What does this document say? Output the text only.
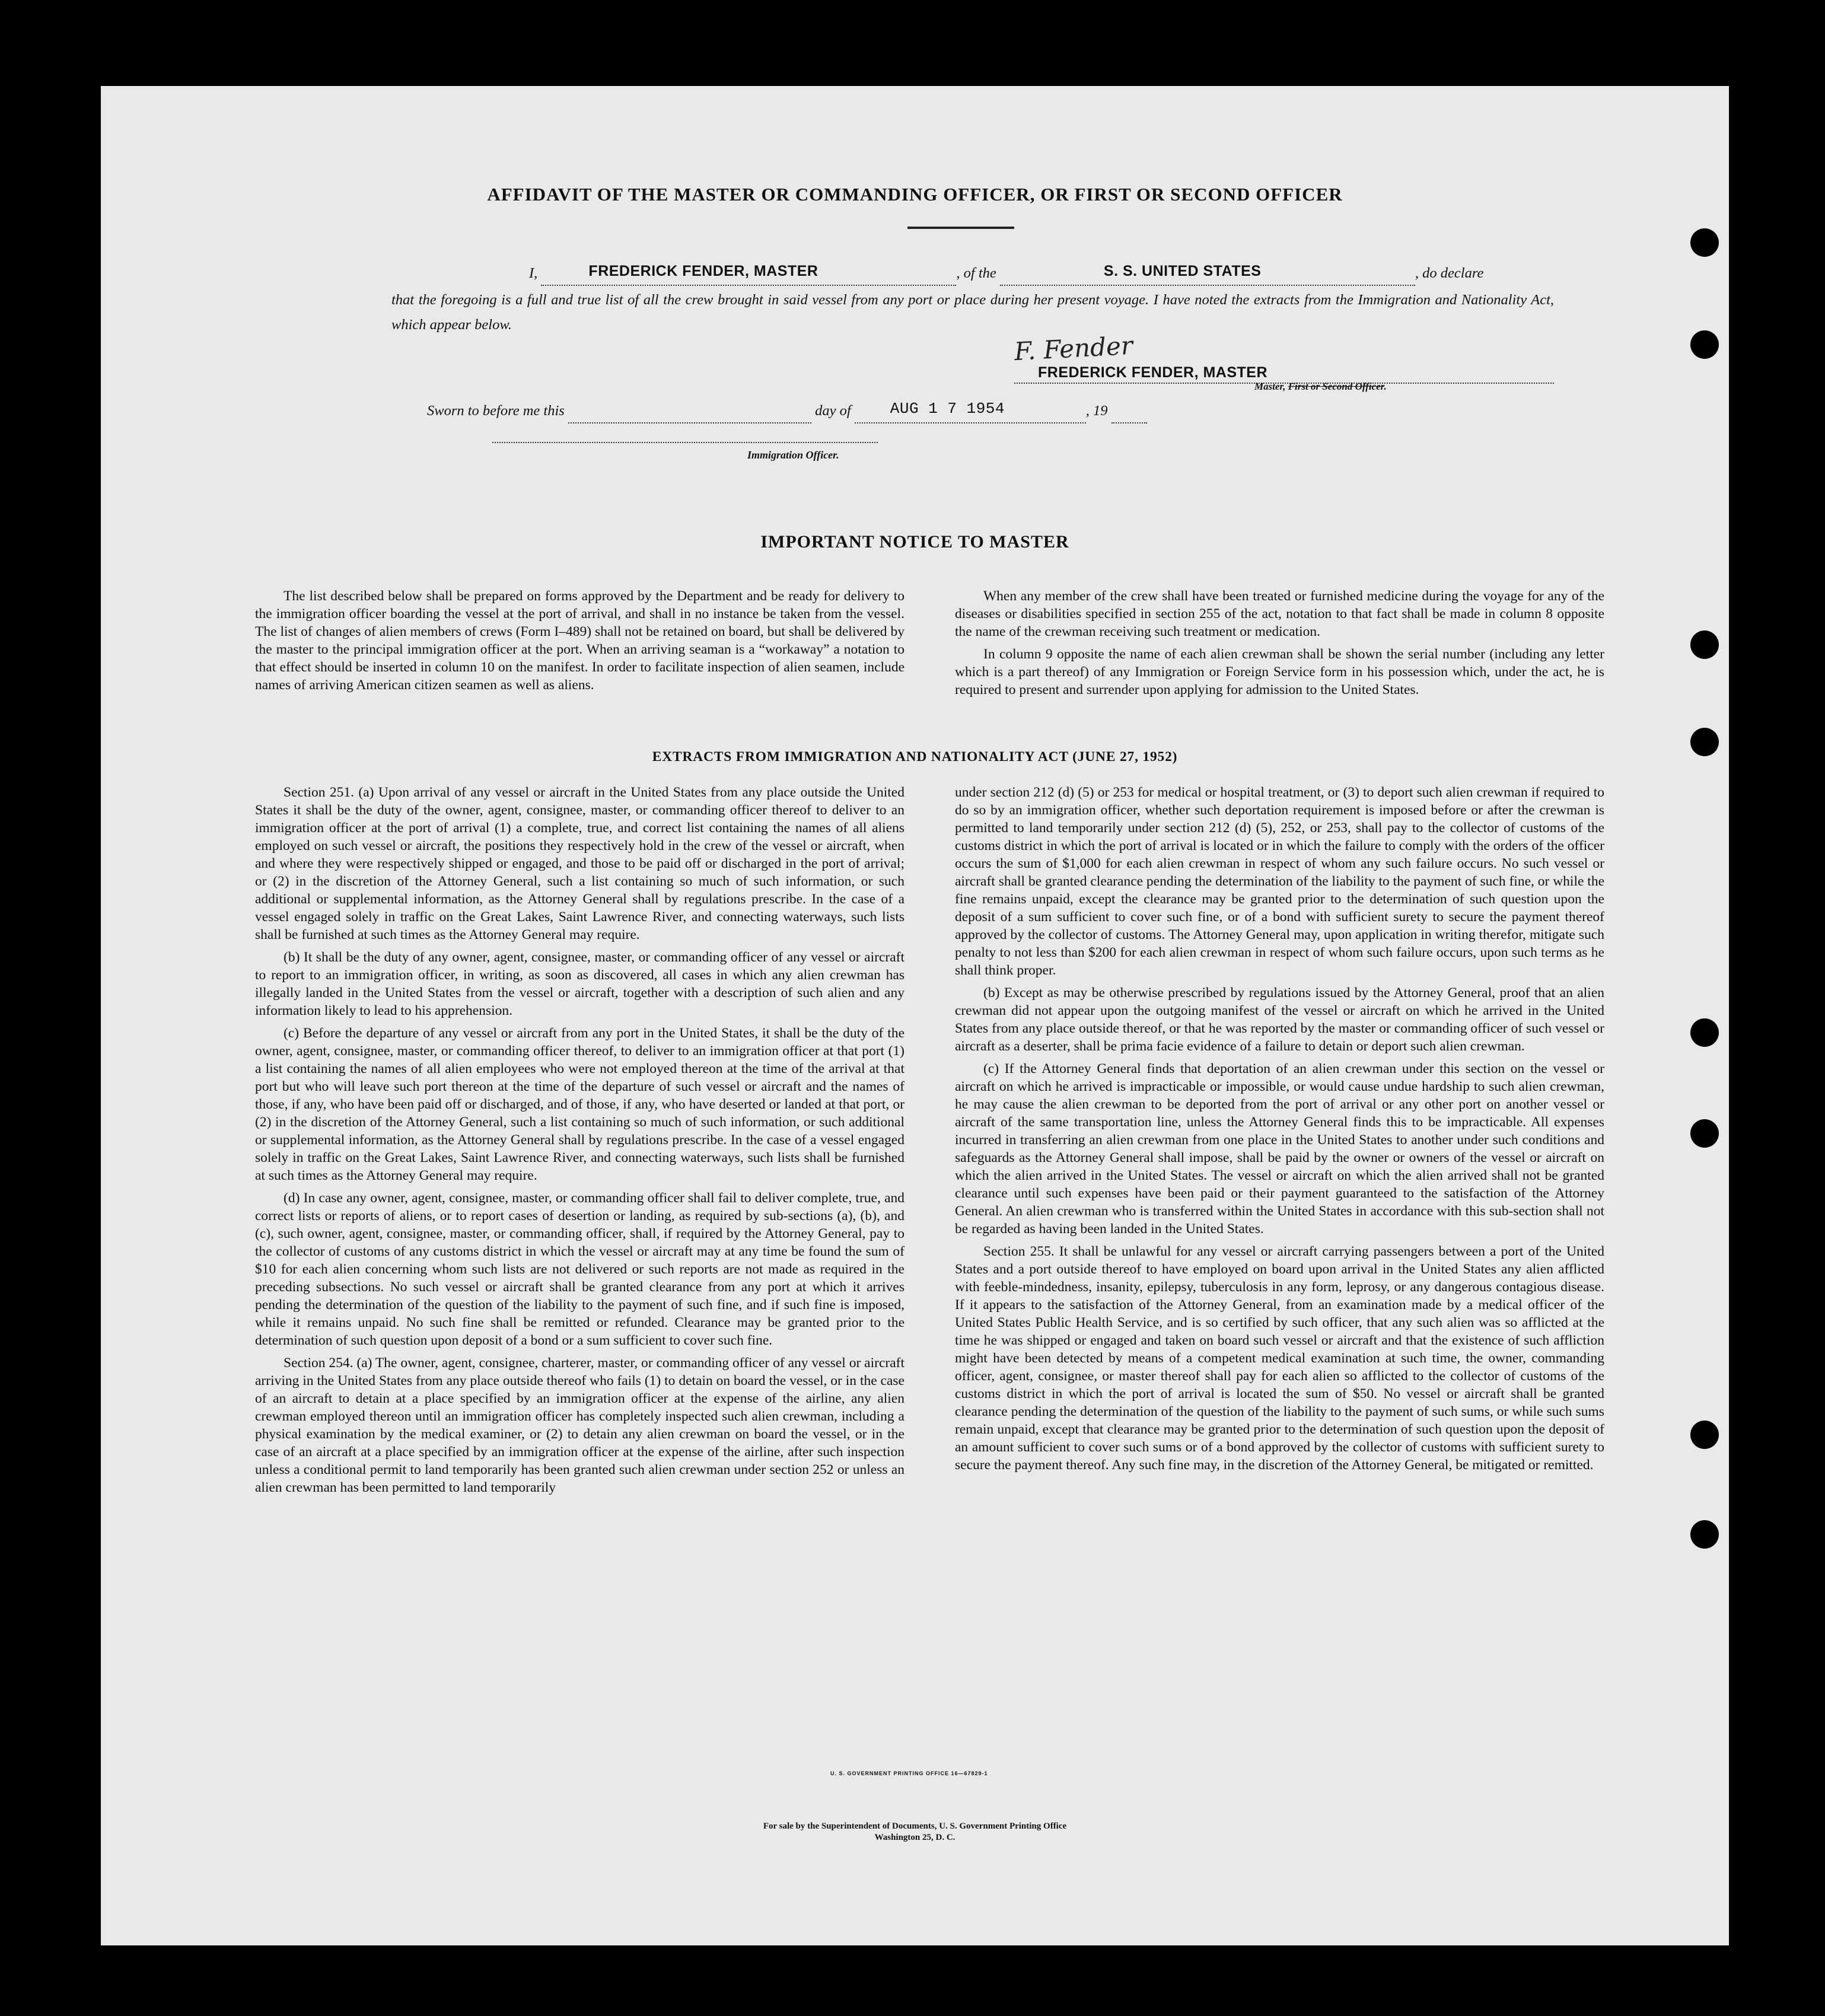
AFFIDAVIT OF THE MASTER OR COMMANDING OFFICER, OR FIRST OR SECOND OFFICER
I,	FREDERICK FENDER, MASTER	, of the	S. S. UNITED STATES	, do declare
that the foregoing is a full and true list of all the crew brought in said vessel from any port or place during her present voyage. I have noted the extracts from the Immigration and Nationality Act, which appear below.
F. Fender
FREDERICK FENDER, MASTER
Master, First or Second Officer.
Sworn to before me this	day of	AUG 1 7 1954	, 19
Immigration Officer.
IMPORTANT NOTICE TO MASTER

The list described below shall be prepared on forms approved by the Department and be ready for delivery to the immigration officer boarding the vessel at the port of arrival, and shall in no instance be taken from the vessel. The list of changes of alien members of crews (Form I–489) shall not be retained on board, but shall be delivered by the master to the principal immigration officer at the port. When an arriving seaman is a “workaway” a notation to that effect should be inserted in column 10 on the manifest. In order to facilitate inspection of alien seamen, include names of arriving American citizen seamen as well as aliens.

When any member of the crew shall have been treated or furnished medicine during the voyage for any of the diseases or disabilities specified in section 255 of the act, notation to that fact shall be made in column 8 opposite the name of the crewman receiving such treatment or medication.

In column 9 opposite the name of each alien crewman shall be shown the serial number (including any letter which is a part thereof) of any Immigration or Foreign Service form in his possession which, under the act, he is required to present and surrender upon applying for admission to the United States.

EXTRACTS FROM IMMIGRATION AND NATIONALITY ACT (JUNE 27, 1952)

Section 251. (a) Upon arrival of any vessel or aircraft in the United States from any place outside the United States it shall be the duty of the owner, agent, consignee, master, or commanding officer thereof to deliver to an immigration officer at the port of arrival (1) a complete, true, and correct list containing the names of all aliens employed on such vessel or aircraft, the positions they respectively hold in the crew of the vessel or aircraft, when and where they were respectively shipped or engaged, and those to be paid off or discharged in the port of arrival; or (2) in the discretion of the Attorney General, such a list containing so much of such information, or such additional or supplemental information, as the Attorney General shall by regulations prescribe. In the case of a vessel engaged solely in traffic on the Great Lakes, Saint Lawrence River, and connecting waterways, such lists shall be furnished at such times as the Attorney General may require.

(b) It shall be the duty of any owner, agent, consignee, master, or commanding officer of any vessel or aircraft to report to an immigration officer, in writing, as soon as discovered, all cases in which any alien crewman has illegally landed in the United States from the vessel or aircraft, together with a description of such alien and any information likely to lead to his apprehension.

(c) Before the departure of any vessel or aircraft from any port in the United States, it shall be the duty of the owner, agent, consignee, master, or commanding officer thereof, to deliver to an immigration officer at that port (1) a list containing the names of all alien employees who were not employed thereon at the time of the arrival at that port but who will leave such port thereon at the time of the departure of such vessel or aircraft and the names of those, if any, who have been paid off or discharged, and of those, if any, who have deserted or landed at that port, or (2) in the discretion of the Attorney General, such a list containing so much of such information, or such additional or supplemental information, as the Attorney General shall by regulations prescribe. In the case of a vessel engaged solely in traffic on the Great Lakes, Saint Lawrence River, and connecting waterways, such lists shall be furnished at such times as the Attorney General may require.

(d) In case any owner, agent, consignee, master, or commanding officer shall fail to deliver complete, true, and correct lists or reports of aliens, or to report cases of desertion or landing, as required by sub-sections (a), (b), and (c), such owner, agent, consignee, master, or commanding officer, shall, if required by the Attorney General, pay to the collector of customs of any customs district in which the vessel or aircraft may at any time be found the sum of $10 for each alien concerning whom such lists are not delivered or such reports are not made as required in the preceding subsections. No such vessel or aircraft shall be granted clearance from any port at which it arrives pending the determination of the question of the liability to the payment of such fine, and if such fine is imposed, while it remains unpaid. No such fine shall be remitted or refunded. Clearance may be granted prior to the determination of such question upon deposit of a bond or a sum sufficient to cover such fine.

Section 254. (a) The owner, agent, consignee, charterer, master, or commanding officer of any vessel or aircraft arriving in the United States from any place outside thereof who fails (1) to detain on board the vessel, or in the case of an aircraft to detain at a place specified by an immigration officer at the expense of the airline, any alien crewman employed thereon until an immigration officer has completely inspected such alien crewman, including a physical examination by the medical examiner, or (2) to detain any alien crewman on board the vessel, or in the case of an aircraft at a place specified by an immigration officer at the expense of the airline, after such inspection unless a conditional permit to land temporarily has been granted such alien crewman under section 252 or unless an alien crewman has been permitted to land temporarily

under section 212 (d) (5) or 253 for medical or hospital treatment, or (3) to deport such alien crewman if required to do so by an immigration officer, whether such deportation requirement is imposed before or after the crewman is permitted to land temporarily under section 212 (d) (5), 252, or 253, shall pay to the collector of customs of the customs district in which the port of arrival is located or in which the failure to comply with the orders of the officer occurs the sum of $1,000 for each alien crewman in respect of whom any such failure occurs. No such vessel or aircraft shall be granted clearance pending the determination of the liability to the payment of such fine, or while the fine remains unpaid, except the clearance may be granted prior to the determination of such question upon the deposit of a sum sufficient to cover such fine, or of a bond with sufficient surety to secure the payment thereof approved by the collector of customs. The Attorney General may, upon application in writing therefor, mitigate such penalty to not less than $200 for each alien crewman in respect of whom such failure occurs, upon such terms as he shall think proper.

(b) Except as may be otherwise prescribed by regulations issued by the Attorney General, proof that an alien crewman did not appear upon the outgoing manifest of the vessel or aircraft on which he arrived in the United States from any place outside thereof, or that he was reported by the master or commanding officer of such vessel or aircraft as a deserter, shall be prima facie evidence of a failure to detain or deport such alien crewman.

(c) If the Attorney General finds that deportation of an alien crewman under this section on the vessel or aircraft on which he arrived is impracticable or impossible, or would cause undue hardship to such alien crewman, he may cause the alien crewman to be deported from the port of arrival or any other port on another vessel or aircraft of the same transportation line, unless the Attorney General finds this to be impracticable. All expenses incurred in transferring an alien crewman from one place in the United States to another under such conditions and safeguards as the Attorney General shall impose, shall be paid by the owner or owners of the vessel or aircraft on which the alien arrived in the United States. The vessel or aircraft on which the alien arrived shall not be granted clearance until such expenses have been paid or their payment guaranteed to the satisfaction of the Attorney General. An alien crewman who is transferred within the United States in accordance with this sub-section shall not be regarded as having been landed in the United States.

Section 255. It shall be unlawful for any vessel or aircraft carrying passengers between a port of the United States and a port outside thereof to have employed on board upon arrival in the United States any alien afflicted with feeble-mindedness, insanity, epilepsy, tuberculosis in any form, leprosy, or any dangerous contagious disease. If it appears to the satisfaction of the Attorney General, from an examination made by a medical officer of the United States Public Health Service, and is so certified by such officer, that any such alien was so afflicted at the time he was shipped or engaged and taken on board such vessel or aircraft and that the existence of such affliction might have been detected by means of a competent medical examination at such time, the owner, commanding officer, agent, consignee, or master thereof shall pay for each alien so afflicted to the collector of customs of the customs district in which the port of arrival is located the sum of $50. No vessel or aircraft shall be granted clearance pending the determination of the question of the liability to the payment of such sums, or while such sums remain unpaid, except that clearance may be granted prior to the determination of such question upon the deposit of an amount sufficient to cover such sums or of a bond approved by the collector of customs with sufficient surety to secure the payment thereof. Any such fine may, in the discretion of the Attorney General, be mitigated or remitted.

U. S. GOVERNMENT PRINTING OFFICE 16—67829-1
For sale by the Superintendent of Documents, U. S. Government Printing Office
Washington 25, D. C.
